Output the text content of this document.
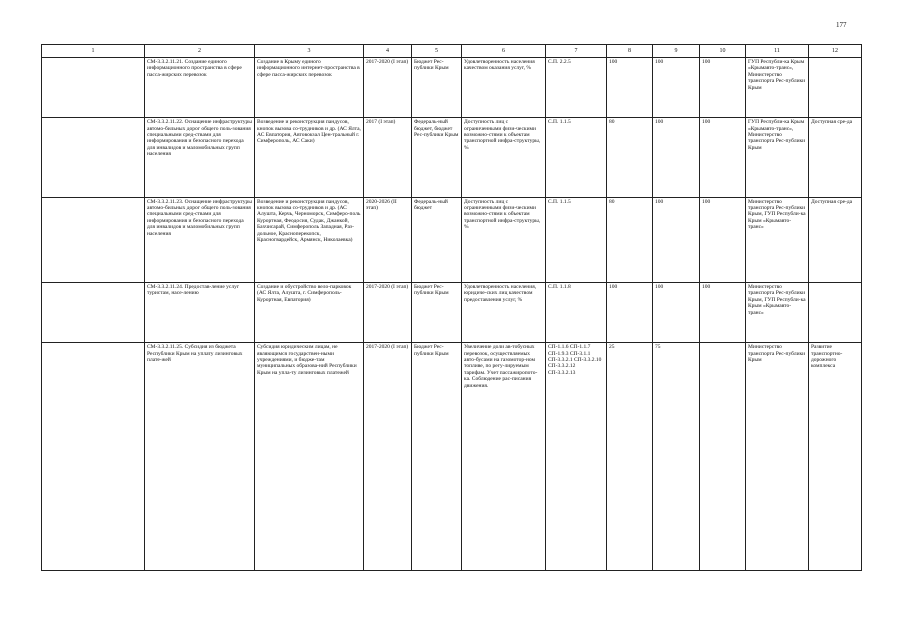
177
1	2	3	4	5	6	7	8	9	10	11	12
	СМ-3.3.2.11.21. Создание единого информационного пространства в сфере пасса-жирских перевозок	Создание в Крыму единого информационного интернет-пространства в сфере пасса-жирских перевозок	2017-2020 (I этап)	Бюджет Рес-публики Крым	Удовлетворенность населения качеством оказания услуг, %	С.П. 2.2.5	100	100	100	ГУП Республи-ка Крым «Крымавто-транс», Министерство транспорта Рес-публики Крым	
	СМ-3.3.2.11.22. Оснащение инфраструктуры автомо-бильных дорог общего поль-зования специальными сред-ствами для информирования и безопасного перехода для инвалидов и маломобильных групп населения	Возведение и реконструкция пандусов, кнопок вызова со-трудников и др. (АС Ялта, АС Евпатория, Автовокзал Цен-тральный г. Симферополь, АС Саки)	2017 (I этап)	Федераль-ный бюджет, бюджет Рес-публики Крым	Доступность лиц с ограниченными физи-ческими возможно-стями к объектам транспортной инфра-структуры, %	С.П. 1.1.5	80	100	100	ГУП Республи-ка Крым «Крымавто-транс», Министерство транспорта Рес-публики Крым	Доступная сре-да
	СМ-3.3.2.11.23. Оснащение инфраструктуры автомо-бильных дорог общего поль-зования специальными сред-ствами для информирования и безопасного перехода для инвалидов и маломобильных групп населения	Возведение и реконструкция пандусов, кнопок вызова со-трудников и др. (АС Алушта, Керчь, Черноморск, Симферо-поль Курортная, Феодосия, Судак, Джанкой, Бахчисарай, Симферополь Западная, Раз-дольное, Красноперекопск, Красногвардейск, Армянск, Николаевка)	2020-2026 (II этап)	Федераль-ный бюджет	Доступность лиц с ограниченными физи-ческими возможно-стями к объектам транспортной инфра-структуры, %	С.П. 1.1.5	80	100	100	Министерство транспорта Рес-публики Крым, ГУП Республи-ка Крым «Крымавто-транс»	Доступная сре-да
	СМ-3.3.2.11.24. Предостав-ление услуг туристам, насе-лению	Создание и обустройство вело-парковок (АС Ялта, Алушта, г. Симферополь-Курортная, Евпатория)	2017-2020 (I этап)	Бюджет Рес-публики Крым	Удовлетворенность населения, юридиче-ских лиц качеством предоставления услуг, %	С.П. 1.1.8	100	100	100	Министерство транспорта Рес-публики Крым, ГУП Республи-ка Крым «Крымавто-транс»	
	СМ-3.3.2.11.25. Субсидия из бюджета Республики Крым на уплату лизинговых плате-жей	Субсидия юридическим лицам, не являющимся государствен-ными учреждениями, и бюдже-там муниципальных образова-ний Республики Крым на упла-ту лизинговых платежей	2017-2020 (I этап)	Бюджет Рес-публики Крым	Увеличение доли ав-тобусных перевозок, осуществляемых авто-бусами на газомотор-ном топливе, по регу-лируемым тарифам. Учет пассажиропото-ка. Соблюдение рас-писания движения.	СП-1.1.6 СП-1.1.7 СП-1.9.3 СП-3.1.1 СП-3.3.2.1 СП-3.3.2.10 СП-3.3.2.12 СП-3.3.2.13	25	75		Министерство транспорта Рес-публики Крым	Развитие транспортно-дорожного комплекса
